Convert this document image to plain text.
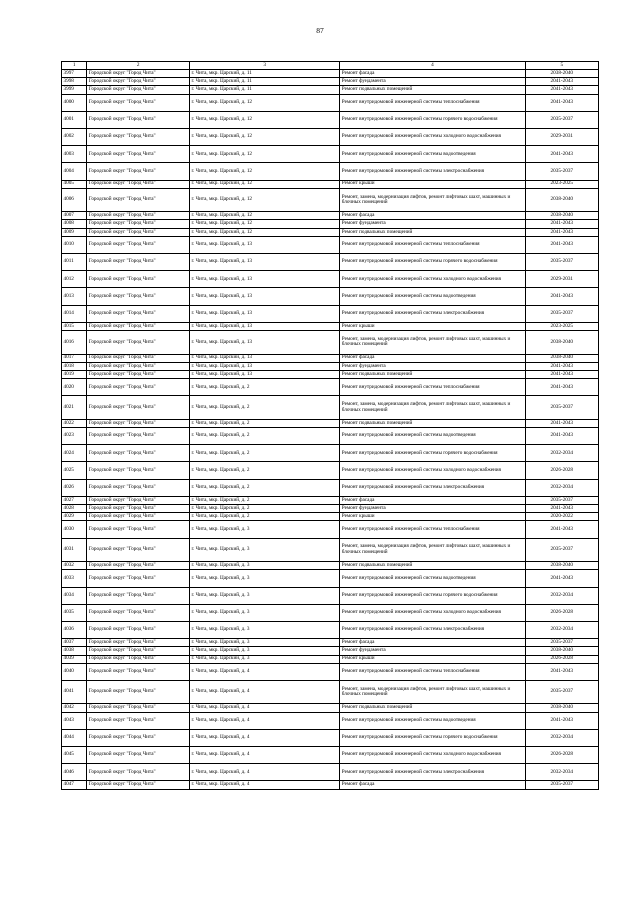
87
1	2	3	4	5
3997	Городской округ "Город Чита"	г. Чита, мкр. Царский, д. 11	Ремонт фасада	2038-2040
3998	Городской округ "Город Чита"	г. Чита, мкр. Царский, д. 11	Ремонт фундамента	2041-2043
3999	Городской округ "Город Чита"	г. Чита, мкр. Царский, д. 11	Ремонт подвальных помещений	2041-2043
4000	Городской округ "Город Чита"	г. Чита, мкр. Царский, д. 12	Ремонт внутридомовой инженерной системы теплоснабжения	2041-2043
4001	Городской округ "Город Чита"	г. Чита, мкр. Царский, д. 12	Ремонт внутридомовой инженерной системы горячего водоснабжения	2035-2037
4002	Городской округ "Город Чита"	г. Чита, мкр. Царский, д. 12	Ремонт внутридомовой инженерной системы холодного водоснабжения	2029-2031
4003	Городской округ "Город Чита"	г. Чита, мкр. Царский, д. 12	Ремонт внутридомовой инженерной системы водоотведения	2041-2043
4004	Городской округ "Город Чита"	г. Чита, мкр. Царский, д. 12	Ремонт внутридомовой инженерной системы электроснабжения	2035-2037
4005	Городской округ "Город Чита"	г. Чита, мкр. Царский, д. 12	Ремонт крыши	2023-2025
4006	Городской округ "Город Чита"	г. Чита, мкр. Царский, д. 12	Ремонт, замена, модернизация лифтов, ремонт лифтовых шахт, машинных и блочных помещений	2038-2040
4007	Городской округ "Город Чита"	г. Чита, мкр. Царский, д. 12	Ремонт фасада	2038-2040
4008	Городской округ "Город Чита"	г. Чита, мкр. Царский, д. 12	Ремонт фундамента	2041-2043
4009	Городской округ "Город Чита"	г. Чита, мкр. Царский, д. 12	Ремонт подвальных помещений	2041-2043
4010	Городской округ "Город Чита"	г. Чита, мкр. Царский, д. 13	Ремонт внутридомовой инженерной системы теплоснабжения	2041-2043
4011	Городской округ "Город Чита"	г. Чита, мкр. Царский, д. 13	Ремонт внутридомовой инженерной системы горячего водоснабжения	2035-2037
4012	Городской округ "Город Чита"	г. Чита, мкр. Царский, д. 13	Ремонт внутридомовой инженерной системы холодного водоснабжения	2029-2031
4013	Городской округ "Город Чита"	г. Чита, мкр. Царский, д. 13	Ремонт внутридомовой инженерной системы водоотведения	2041-2043
4014	Городской округ "Город Чита"	г. Чита, мкр. Царский, д. 13	Ремонт внутридомовой инженерной системы электроснабжения	2035-2037
4015	Городской округ "Город Чита"	г. Чита, мкр. Царский, д. 13	Ремонт крыши	2023-2025
4016	Городской округ "Город Чита"	г. Чита, мкр. Царский, д. 13	Ремонт, замена, модернизация лифтов, ремонт лифтовых шахт, машинных и блочных помещений	2038-2040
4017	Городской округ "Город Чита"	г. Чита, мкр. Царский, д. 13	Ремонт фасада	2038-2040
4018	Городской округ "Город Чита"	г. Чита, мкр. Царский, д. 13	Ремонт фундамента	2041-2043
4019	Городской округ "Город Чита"	г. Чита, мкр. Царский, д. 13	Ремонт подвальных помещений	2041-2043
4020	Городской округ "Город Чита"	г. Чита, мкр. Царский, д. 2	Ремонт внутридомовой инженерной системы теплоснабжения	2041-2043
4021	Городской округ "Город Чита"	г. Чита, мкр. Царский, д. 2	Ремонт, замена, модернизация лифтов, ремонт лифтовых шахт, машинных и блочных помещений	2035-2037
4022	Городской округ "Город Чита"	г. Чита, мкр. Царский, д. 2	Ремонт подвальных помещений	2041-2043
4023	Городской округ "Город Чита"	г. Чита, мкр. Царский, д. 2	Ремонт внутридомовой инженерной системы водоотведения	2041-2043
4024	Городской округ "Город Чита"	г. Чита, мкр. Царский, д. 2	Ремонт внутридомовой инженерной системы горячего водоснабжения	2032-2034
4025	Городской округ "Город Чита"	г. Чита, мкр. Царский, д. 2	Ремонт внутридомовой инженерной системы холодного водоснабжения	2026-2028
4026	Городской округ "Город Чита"	г. Чита, мкр. Царский, д. 2	Ремонт внутридомовой инженерной системы электроснабжения	2032-2034
4027	Городской округ "Город Чита"	г. Чита, мкр. Царский, д. 2	Ремонт фасада	2035-2037
4028	Городской округ "Город Чита"	г. Чита, мкр. Царский, д. 2	Ремонт фундамента	2041-2043
4029	Городской округ "Город Чита"	г. Чита, мкр. Царский, д. 2	Ремонт крыши	2020-2022
4030	Городской округ "Город Чита"	г. Чита, мкр. Царский, д. 3	Ремонт внутридомовой инженерной системы теплоснабжения	2041-2043
4031	Городской округ "Город Чита"	г. Чита, мкр. Царский, д. 3	Ремонт, замена, модернизация лифтов, ремонт лифтовых шахт, машинных и блочных помещений	2035-2037
4032	Городской округ "Город Чита"	г. Чита, мкр. Царский, д. 3	Ремонт подвальных помещений	2038-2040
4033	Городской округ "Город Чита"	г. Чита, мкр. Царский, д. 3	Ремонт внутридомовой инженерной системы водоотведения	2041-2043
4034	Городской округ "Город Чита"	г. Чита, мкр. Царский, д. 3	Ремонт внутридомовой инженерной системы горячего водоснабжения	2032-2034
4035	Городской округ "Город Чита"	г. Чита, мкр. Царский, д. 3	Ремонт внутридомовой инженерной системы холодного водоснабжения	2026-2028
4036	Городской округ "Город Чита"	г. Чита, мкр. Царский, д. 3	Ремонт внутридомовой инженерной системы электроснабжения	2032-2034
4037	Городской округ "Город Чита"	г. Чита, мкр. Царский, д. 3	Ремонт фасада	2035-2037
4038	Городской округ "Город Чита"	г. Чита, мкр. Царский, д. 3	Ремонт фундамента	2038-2040
4039	Городской округ "Город Чита"	г. Чита, мкр. Царский, д. 3	Ремонт крыши	2026-2028
4040	Городской округ "Город Чита"	г. Чита, мкр. Царский, д. 4	Ремонт внутридомовой инженерной системы теплоснабжения	2041-2043
4041	Городской округ "Город Чита"	г. Чита, мкр. Царский, д. 4	Ремонт, замена, модернизация лифтов, ремонт лифтовых шахт, машинных и блочных помещений	2035-2037
4042	Городской округ "Город Чита"	г. Чита, мкр. Царский, д. 4	Ремонт подвальных помещений	2038-2040
4043	Городской округ "Город Чита"	г. Чита, мкр. Царский, д. 4	Ремонт внутридомовой инженерной системы водоотведения	2041-2043
4044	Городской округ "Город Чита"	г. Чита, мкр. Царский, д. 4	Ремонт внутридомовой инженерной системы горячего водоснабжения	2032-2034
4045	Городской округ "Город Чита"	г. Чита, мкр. Царский, д. 4	Ремонт внутридомовой инженерной системы холодного водоснабжения	2026-2028
4046	Городской округ "Город Чита"	г. Чита, мкр. Царский, д. 4	Ремонт внутридомовой инженерной системы электроснабжения	2032-2034
4047	Городской округ "Город Чита"	г. Чита, мкр. Царский, д. 4	Ремонт фасада	2035-2037
